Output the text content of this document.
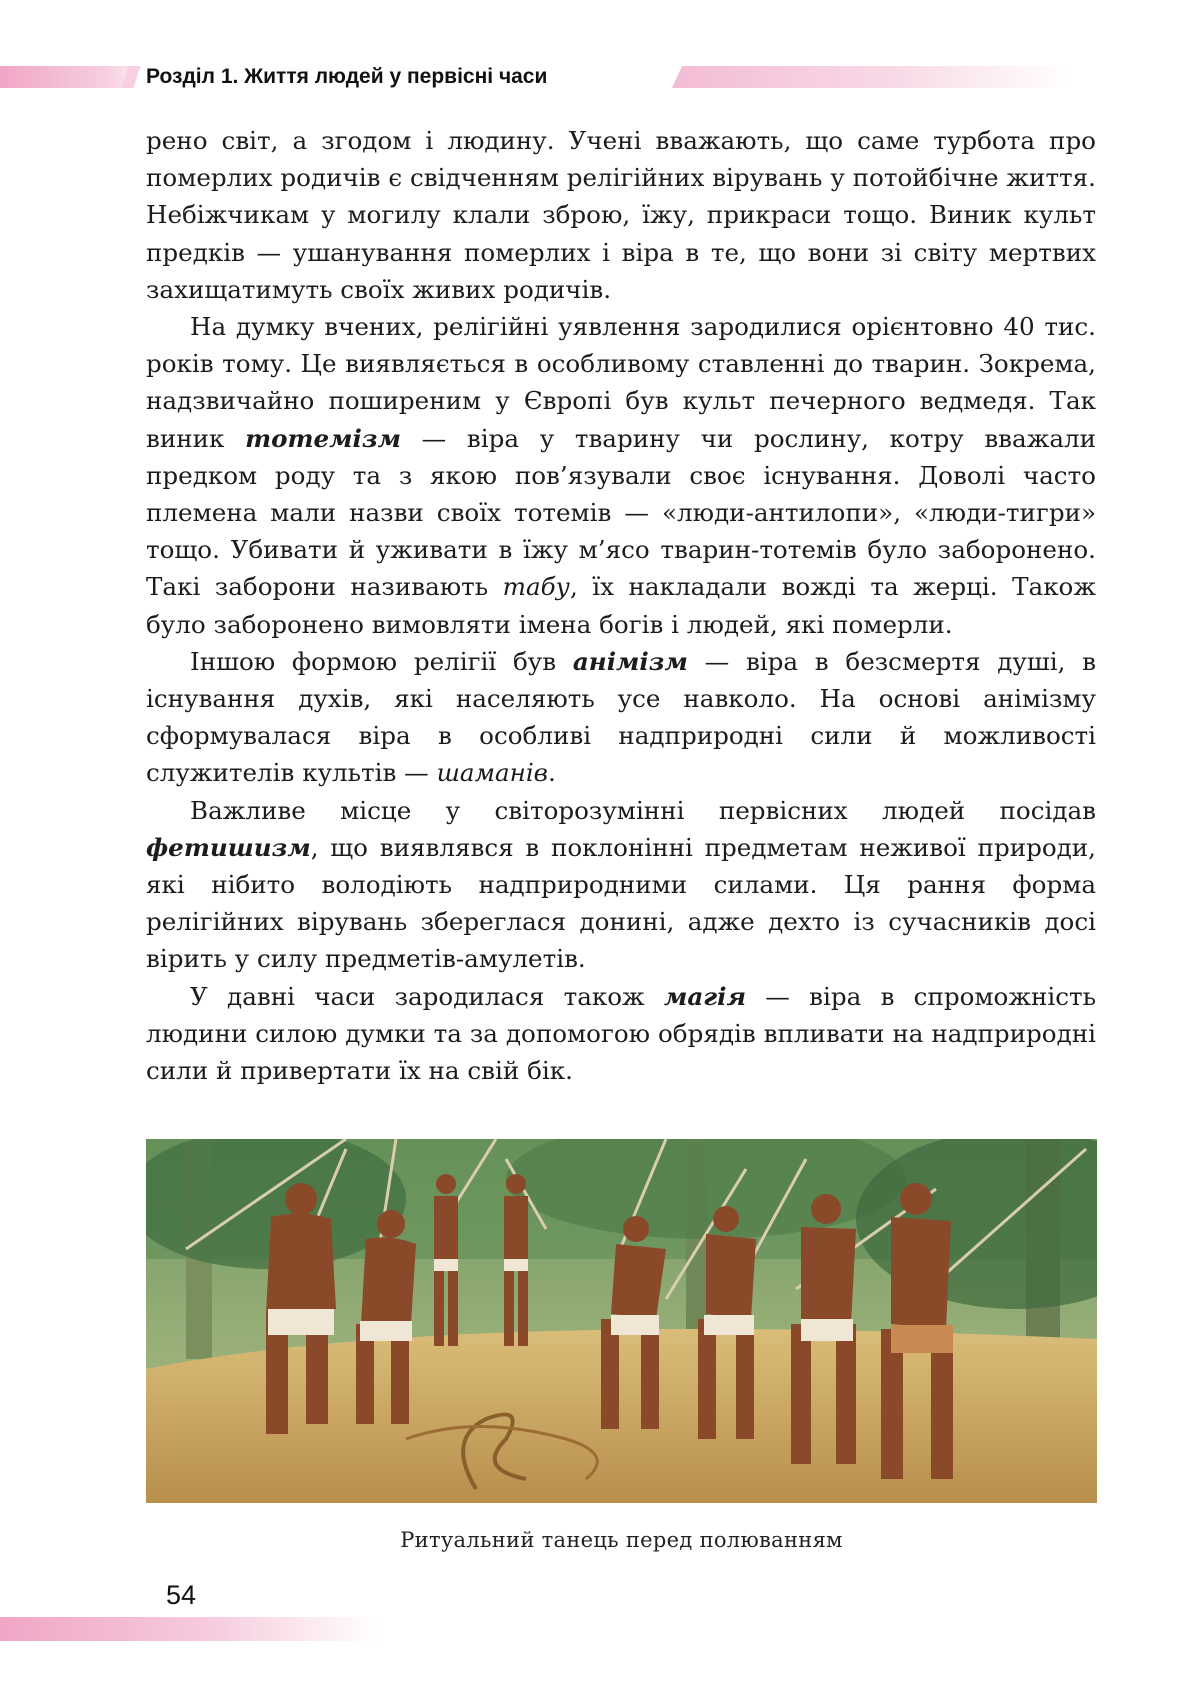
Розділ 1. Життя людей у первісні часи

рено світ, а згодом і людину. Учені вважають, що саме турбота про померлих родичів є свідченням релігійних вірувань у потойбічне життя. Небіжчикам у могилу клали зброю, їжу, прикраси тощо. Виник культ предків — ушанування померлих і віра в те, що вони зі світу мертвих захищатимуть своїх живих родичів.

На думку вчених, релігійні уявлення зародилися орієнтовно 40 тис. років тому. Це виявляється в особливому ставленні до тварин. Зокрема, надзвичайно поширеним у Європі був культ печерного ведмедя. Так виник тотемізм — віра у тварину чи рослину, котру вважали предком роду та з якою пов’язували своє існування. Доволі часто племена мали назви своїх тотемів — «люди-антилопи», «люди-тигри» тощо. Убивати й уживати в їжу м’ясо тварин-тотемів було заборонено. Такі заборони називають табу, їх накладали вожді та жерці. Також було заборонено вимовляти імена богів і людей, які померли.

Іншою формою релігії був анімізм — віра в безсмертя душі, в існування духів, які населяють усе навколо. На основі анімізму сформувалася віра в особливі надприродні сили й можливості служителів культів — шаманів.

Важливе місце у світорозумінні первісних людей посідав фетишизм, що виявлявся в поклонінні предметам неживої природи, які нібито володіють надприродними силами. Ця рання форма релігійних вірувань збереглася донині, адже дехто із сучасників досі вірить у силу предметів-амулетів.

У давні часи зародилася також магія — віра в спроможність людини силою думки та за допомогою обрядів впливати на надприродні сили й привертати їх на свій бік.

Ритуальний танець перед полюванням
54
